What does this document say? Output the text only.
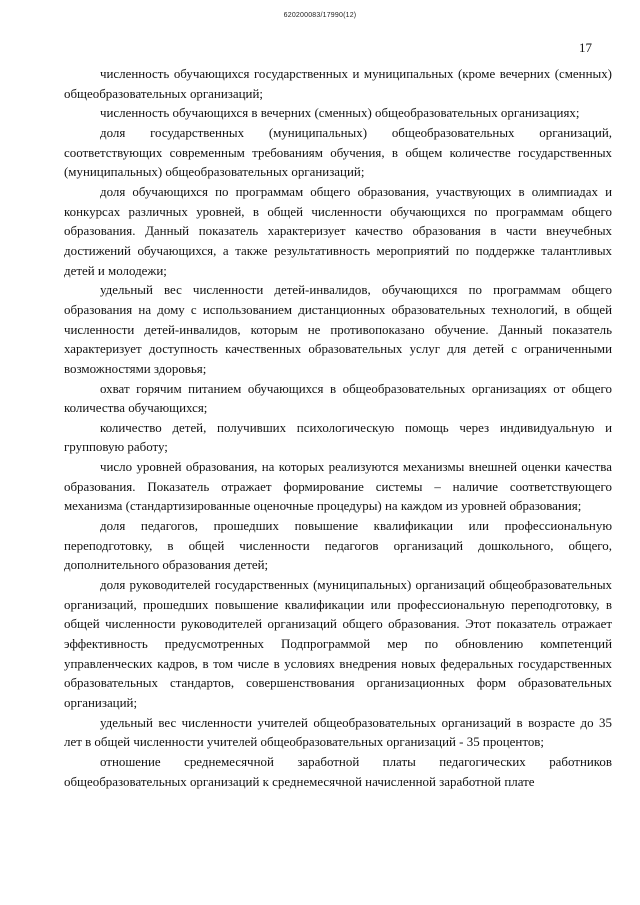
620200083/17990(12)
17

численность обучающихся государственных и муниципальных (кроме вечерних (сменных) общеобразовательных организаций;

численность обучающихся в вечерних (сменных) общеобразовательных организациях;

доля государственных (муниципальных) общеобразовательных организаций, соответствующих современным требованиям обучения, в общем количестве государственных (муниципальных) общеобразовательных организаций;

доля обучающихся по программам общего образования, участвующих в олимпиадах и конкурсах различных уровней, в общей численности обучающихся по программам общего образования. Данный показатель характеризует качество образования в части внеучебных достижений обучающихся, а также результативность мероприятий по поддержке талантливых детей и молодежи;

удельный вес численности детей-инвалидов, обучающихся по программам общего образования на дому с использованием дистанционных образовательных технологий, в общей численности детей-инвалидов, которым не противопоказано обучение. Данный показатель характеризует доступность качественных образовательных услуг для детей с ограниченными возможностями здоровья;

охват горячим питанием обучающихся в общеобразовательных организациях от общего количества обучающихся;

количество детей, получивших психологическую помощь через индивидуальную и групповую работу;

число уровней образования, на которых реализуются механизмы внешней оценки качества образования. Показатель отражает формирование системы – наличие соответствующего механизма (стандартизированные оценочные процедуры) на каждом из уровней образования;

доля педагогов, прошедших повышение квалификации или профессиональную переподготовку, в общей численности педагогов организаций дошкольного, общего, дополнительного образования детей;

доля руководителей государственных (муниципальных) организаций общеобразовательных организаций, прошедших повышение квалификации или профессиональную переподготовку, в общей численности руководителей организаций общего образования. Этот показатель отражает эффективность предусмотренных Подпрограммой мер по обновлению компетенций управленческих кадров, в том числе в условиях внедрения новых федеральных государственных образовательных стандартов, совершенствования организационных форм образовательных организаций;

удельный вес численности учителей общеобразовательных организаций в возрасте до 35 лет в общей численности учителей общеобразовательных организаций - 35 процентов;

отношение среднемесячной заработной платы педагогических работников общеобразовательных организаций к среднемесячной начисленной заработной плате
